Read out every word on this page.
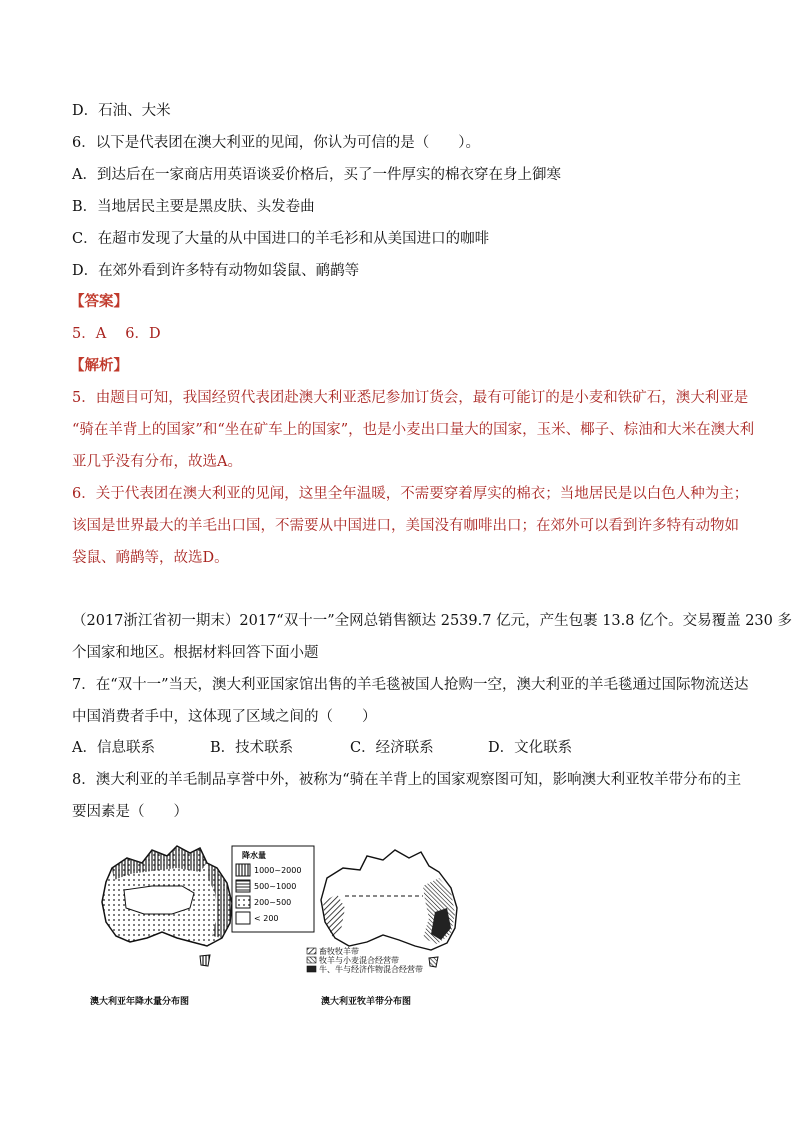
D．石油、大米
6．以下是代表团在澳大利亚的见闻，你认为可信的是（　　）。
A．到达后在一家商店用英语谈妥价格后，买了一件厚实的棉衣穿在身上御寒
B．当地居民主要是黑皮肤、头发卷曲
C．在超市发现了大量的从中国进口的羊毛衫和从美国进口的咖啡
D．在郊外看到许多特有动物如袋鼠、鸸鹋等
【答案】
5．A　 6．D
【解析】
5．由题目可知，我国经贸代表团赴澳大利亚悉尼参加订货会，最有可能订的是小麦和铁矿石，澳大利亚是
“骑在羊背上的国家”和“坐在矿车上的国家”，也是小麦出口量大的国家，玉米、椰子、棕油和大米在澳大利
亚几乎没有分布，故选A。
6．关于代表团在澳大利亚的见闻，这里全年温暖，不需要穿着厚实的棉衣；当地居民是以白色人种为主；
该国是世界最大的羊毛出口国，不需要从中国进口，美国没有咖啡出口；在郊外可以看到许多特有动物如
袋鼠、鸸鹋等，故选D。
（2017浙江省初一期末）2017“双十一”全网总销售额达 2539.7 亿元，产生包裹 13.8 亿个。交易覆盖 230 多
个国家和地区。根据材料回答下面小题
7．在“双十一”当天，澳大利亚国家馆出售的羊毛毯被国人抢购一空，澳大利亚的羊毛毯通过国际物流送达
中国消费者手中，这体现了区域之间的（　　）
A．信息联系	B．技术联系	C．经济联系	D．文化联系
8．澳大利亚的羊毛制品享誉中外，被称为“骑在羊背上的国家观察图可知，影响澳大利亚牧羊带分布的主
要因素是（　　）
降水量
1000~2000
500~1000
200~500
< 200
澳大利亚年降水量分布图
畜牧牧羊带
牧羊与小麦混合经营带
牛、牛与经济作物混合经营带
澳大利亚牧羊带分布图
